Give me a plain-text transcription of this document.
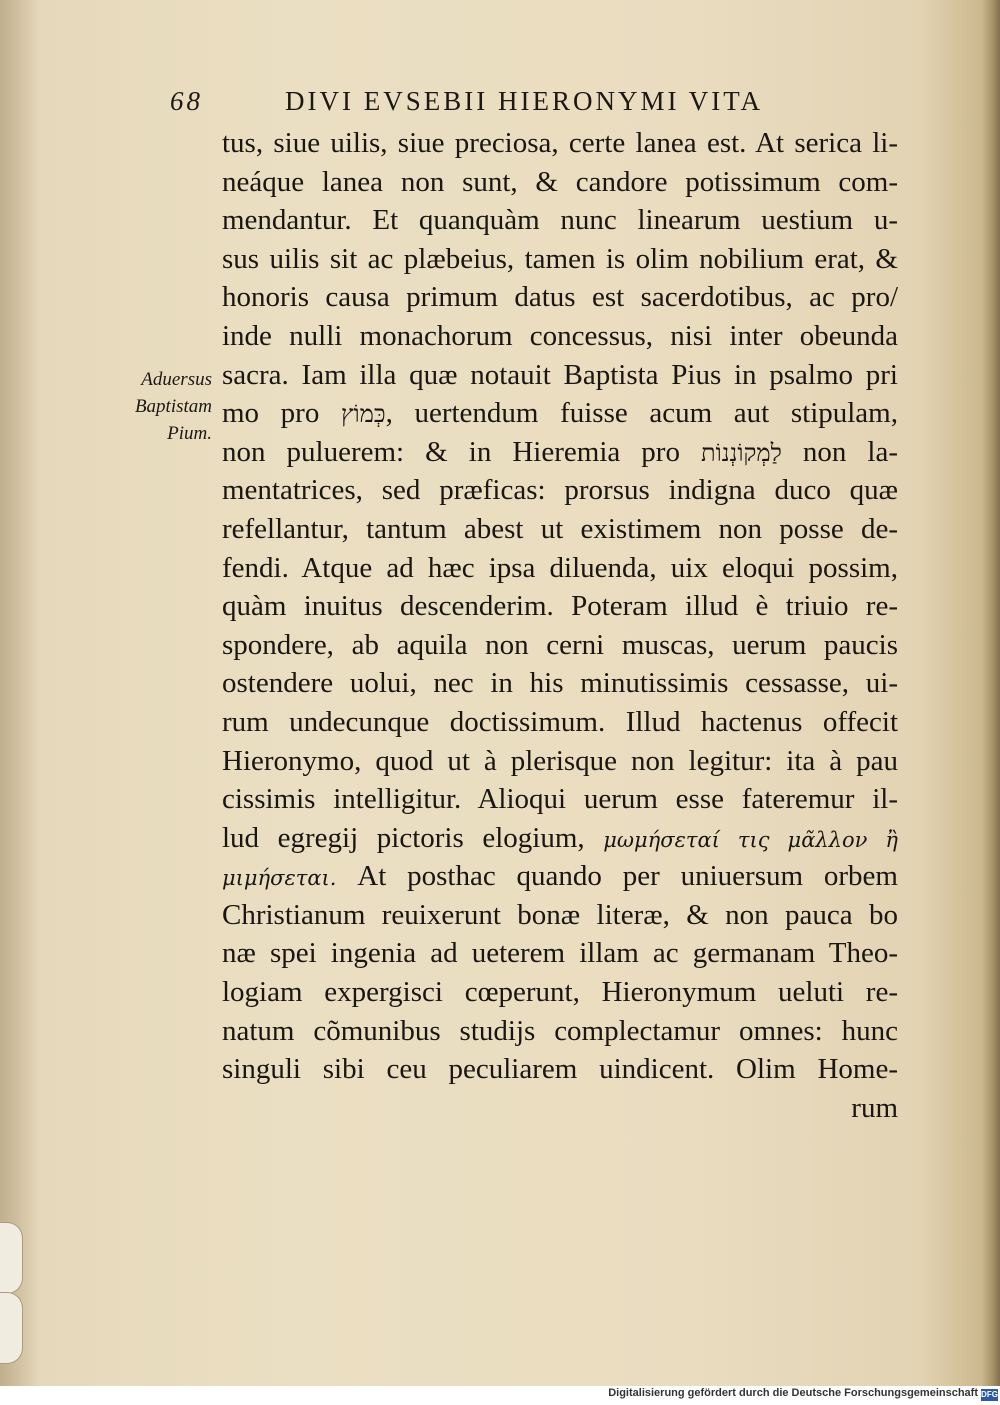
68	DIVI EVSEBII HIERONYMI VITA
Aduersus
Baptistam
Pium.
tus, siue uilis, siue preciosa, certe lanea est. At serica li-
neáque lanea non sunt, & candore potissimum com-
mendantur. Et quanquàm nunc linearum uestium u-
sus uilis sit ac plæbeius, tamen is olim nobilium erat, &
honoris causa primum datus est sacerdotibus, ac pro/
inde nulli monachorum concessus, nisi inter obeunda
sacra. Iam illa quæ notauit Baptista Pius in psalmo pri
mo pro כְּמוֹץ, uertendum fuisse acum aut stipulam,
non puluerem: & in Hieremia pro לַמְקוֹנְנוֹת non la-
mentatrices, sed præficas: prorsus indigna duco quæ
refellantur, tantum abest ut existimem non posse de-
fendi. Atque ad hæc ipsa diluenda, uix eloqui possim,
quàm inuitus descenderim. Poteram illud è triuio re-
spondere, ab aquila non cerni muscas, uerum paucis
ostendere uolui, nec in his minutissimis cessasse, ui-
rum undecunque doctissimum. Illud hactenus offecit
Hieronymo, quod ut à plerisque non legitur: ita à pau
cissimis intelligitur. Alioqui uerum esse fateremur il-
lud egregij pictoris elogium, μωμήσεταί τις μᾶλλον ἢ
μιμήσεται. At posthac quando per uniuersum orbem
Christianum reuixerunt bonæ literæ, & non pauca bo
næ spei ingenia ad ueterem illam ac germanam Theo-
logiam expergisci cœperunt, Hieronymum ueluti re-
natum cõmunibus studijs complectamur omnes: hunc
singuli sibi ceu peculiarem uindicent. Olim Home-
rum
Digitalisierung gefördert durch die Deutsche Forschungsgemeinschaft DFG
